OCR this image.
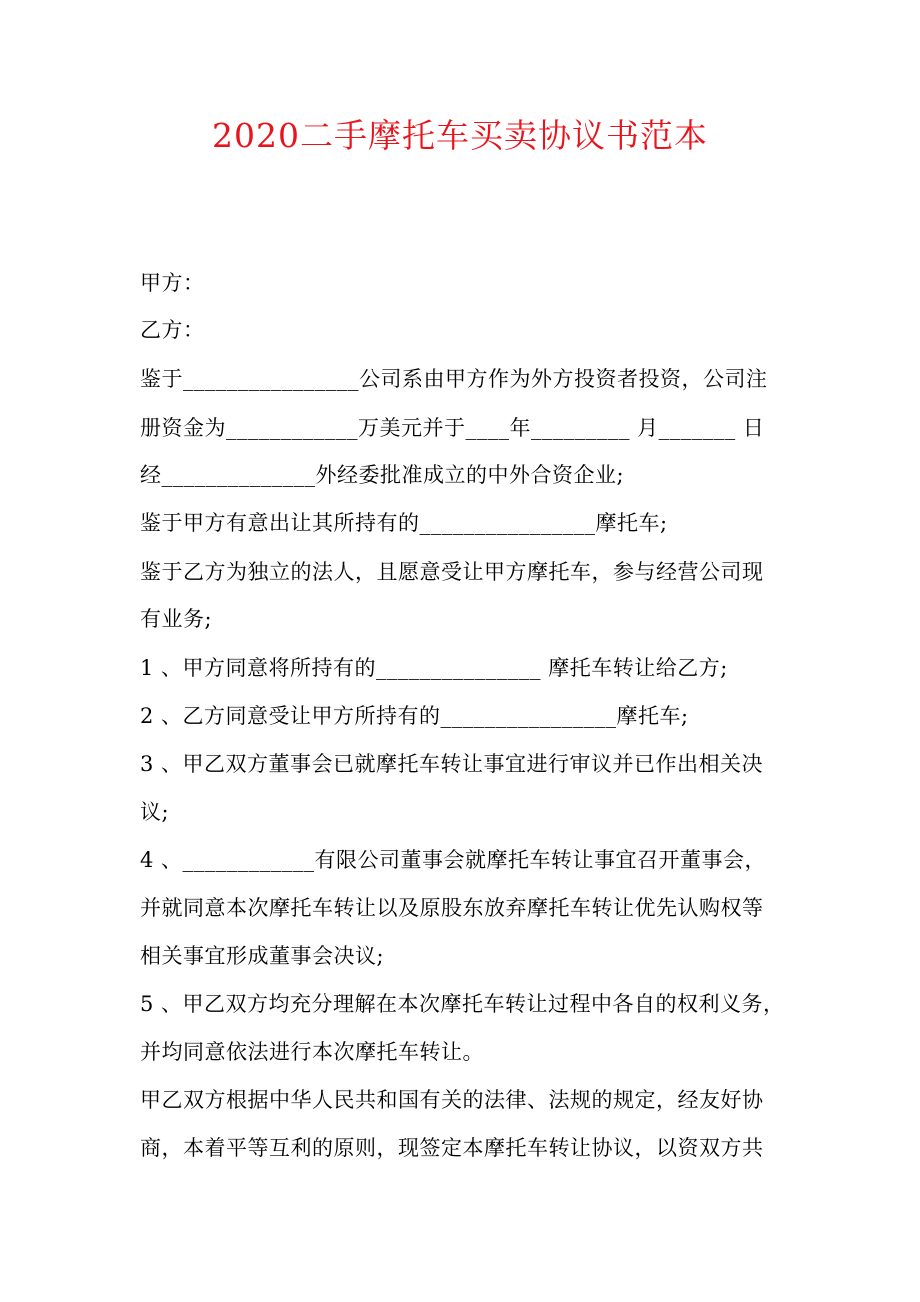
2020二手摩托车买卖协议书范本
甲方：
乙方：
鉴于________________公司系由甲方作为外方投资者投资，公司注
册资金为____________万美元并于____年_________ 月_______ 日
经______________外经委批准成立的中外合资企业;
鉴于甲方有意出让其所持有的________________摩托车;
鉴于乙方为独立的法人，且愿意受让甲方摩托车，参与经营公司现
有业务;
1 、甲方同意将所持有的_______________ 摩托车转让给乙方;
2 、乙方同意受让甲方所持有的________________摩托车;
3 、甲乙双方董事会已就摩托车转让事宜进行审议并已作出相关决
议;
4 、____________有限公司董事会就摩托车转让事宜召开董事会，
并就同意本次摩托车转让以及原股东放弃摩托车转让优先认购权等
相关事宜形成董事会决议;
5 、甲乙双方均充分理解在本次摩托车转让过程中各自的权利义务，
并均同意依法进行本次摩托车转让。
甲乙双方根据中华人民共和国有关的法律、法规的规定，经友好协
商，本着平等互利的原则，现签定本摩托车转让协议，以资双方共
